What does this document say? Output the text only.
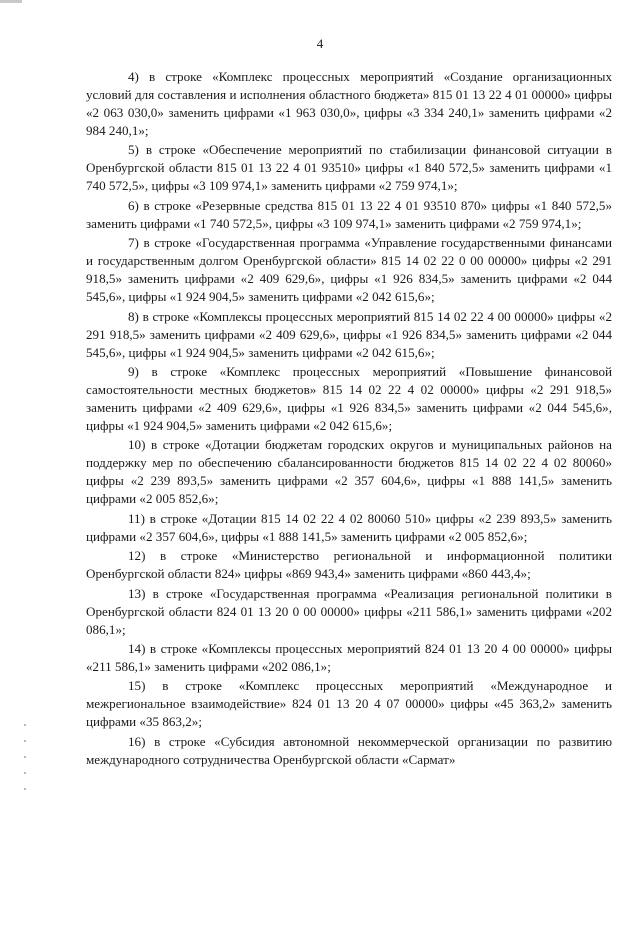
4

4) в строке «Комплекс процессных мероприятий «Создание организационных условий для составления и исполнения областного бюджета» 815 01 13 22 4 01 00000» цифры «2 063 030,0» заменить цифрами «1 963 030,0», цифры «3 334 240,1» заменить цифрами «2 984 240,1»;

5) в строке «Обеспечение мероприятий по стабилизации финансовой ситуации в Оренбургской области 815 01 13 22 4 01 93510» цифры «1 840 572,5» заменить цифрами «1 740 572,5», цифры «3 109 974,1» заменить цифрами «2 759 974,1»;

6) в строке «Резервные средства 815 01 13 22 4 01 93510 870» цифры «1 840 572,5» заменить цифрами «1 740 572,5», цифры «3 109 974,1» заменить цифрами «2 759 974,1»;

7) в строке «Государственная программа «Управление государственными финансами и государственным долгом Оренбургской области» 815 14 02 22 0 00 00000» цифры «2 291 918,5» заменить цифрами «2 409 629,6», цифры «1 926 834,5» заменить цифрами «2 044 545,6», цифры «1 924 904,5» заменить цифрами «2 042 615,6»;

8) в строке «Комплексы процессных мероприятий 815 14 02 22 4 00 00000» цифры «2 291 918,5» заменить цифрами «2 409 629,6», цифры «1 926 834,5» заменить цифрами «2 044 545,6», цифры «1 924 904,5» заменить цифрами «2 042 615,6»;

9) в строке «Комплекс процессных мероприятий «Повышение финансовой самостоятельности местных бюджетов» 815 14 02 22 4 02 00000» цифры «2 291 918,5» заменить цифрами «2 409 629,6», цифры «1 926 834,5» заменить цифрами «2 044 545,6», цифры «1 924 904,5» заменить цифрами «2 042 615,6»;

10) в строке «Дотации бюджетам городских округов и муниципальных районов на поддержку мер по обеспечению сбалансированности бюджетов 815 14 02 22 4 02 80060» цифры «2 239 893,5» заменить цифрами «2 357 604,6», цифры «1 888 141,5» заменить цифрами «2 005 852,6»;

11) в строке «Дотации 815 14 02 22 4 02 80060 510» цифры «2 239 893,5» заменить цифрами «2 357 604,6», цифры «1 888 141,5» заменить цифрами «2 005 852,6»;

12) в строке «Министерство региональной и информационной политики Оренбургской области 824» цифры «869 943,4» заменить цифрами «860 443,4»;

13) в строке «Государственная программа «Реализация региональной политики в Оренбургской области 824 01 13 20 0 00 00000» цифры «211 586,1» заменить цифрами «202 086,1»;

14) в строке «Комплексы процессных мероприятий 824 01 13 20 4 00 00000» цифры «211 586,1» заменить цифрами «202 086,1»;

15) в строке «Комплекс процессных мероприятий «Международное и межрегиональное взаимодействие» 824 01 13 20 4 07 00000» цифры «45 363,2» заменить цифрами «35 863,2»;

16) в строке «Субсидия автономной некоммерческой организации по развитию международного сотрудничества Оренбургской области «Сармат»
